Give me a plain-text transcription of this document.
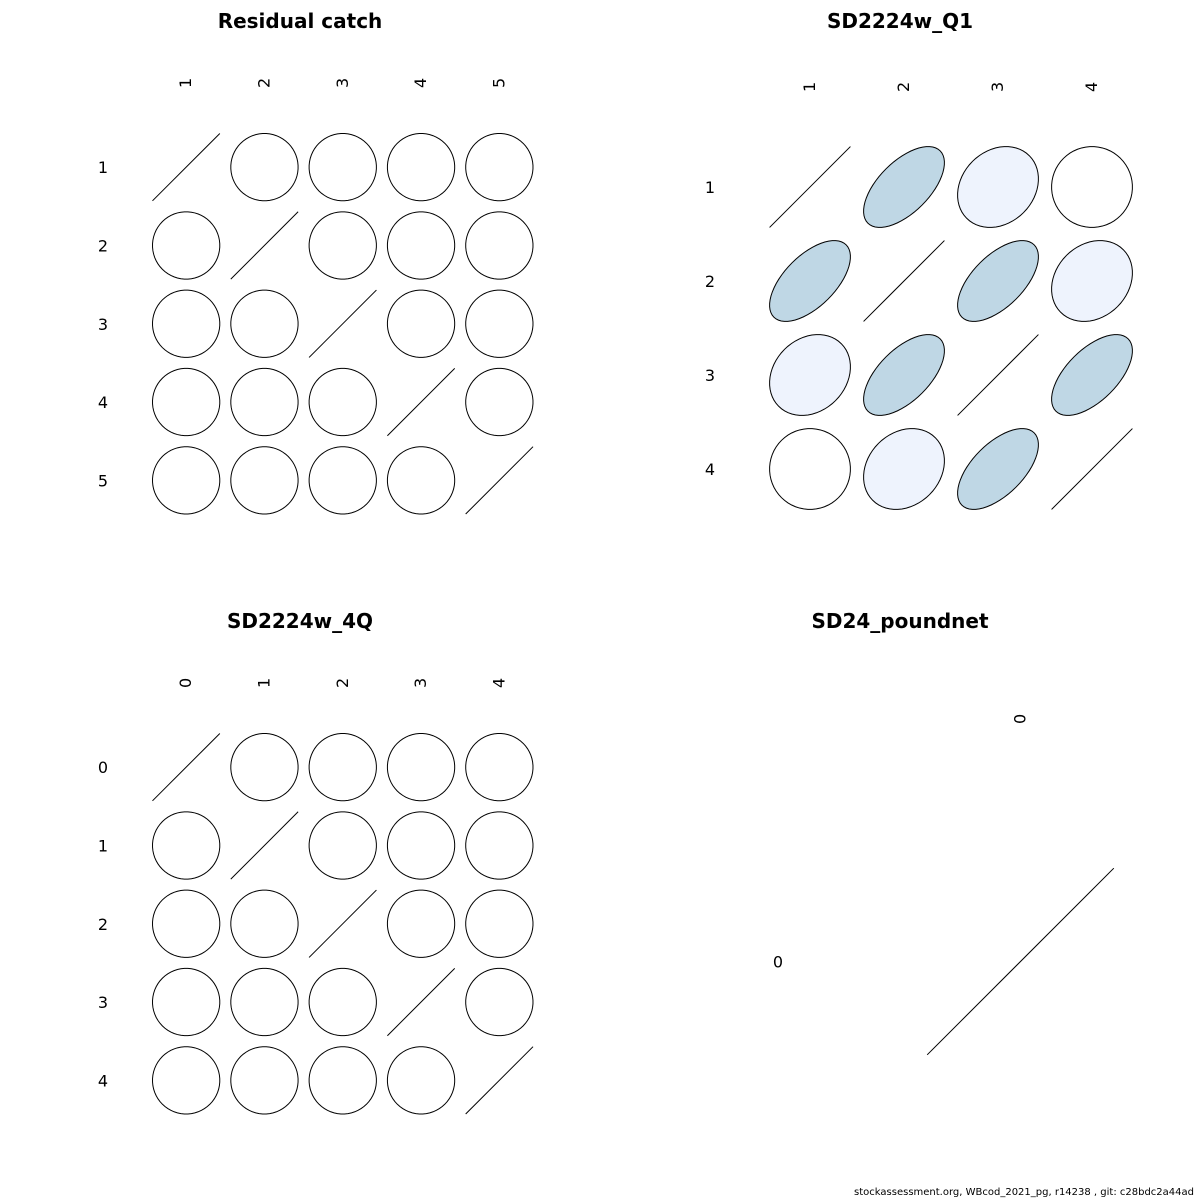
Residual catch
1	2	3	4	5
1
2
3
4
5
SD2224w_Q1
1	2	3	4
1
2
3
4
SD2224w_4Q
0	1	2	3	4
0
1
2
3
4
SD24_poundnet
0
0
stockassessment.org, WBcod_2021_pg, r14238 , git: c28bdc2a44ad
